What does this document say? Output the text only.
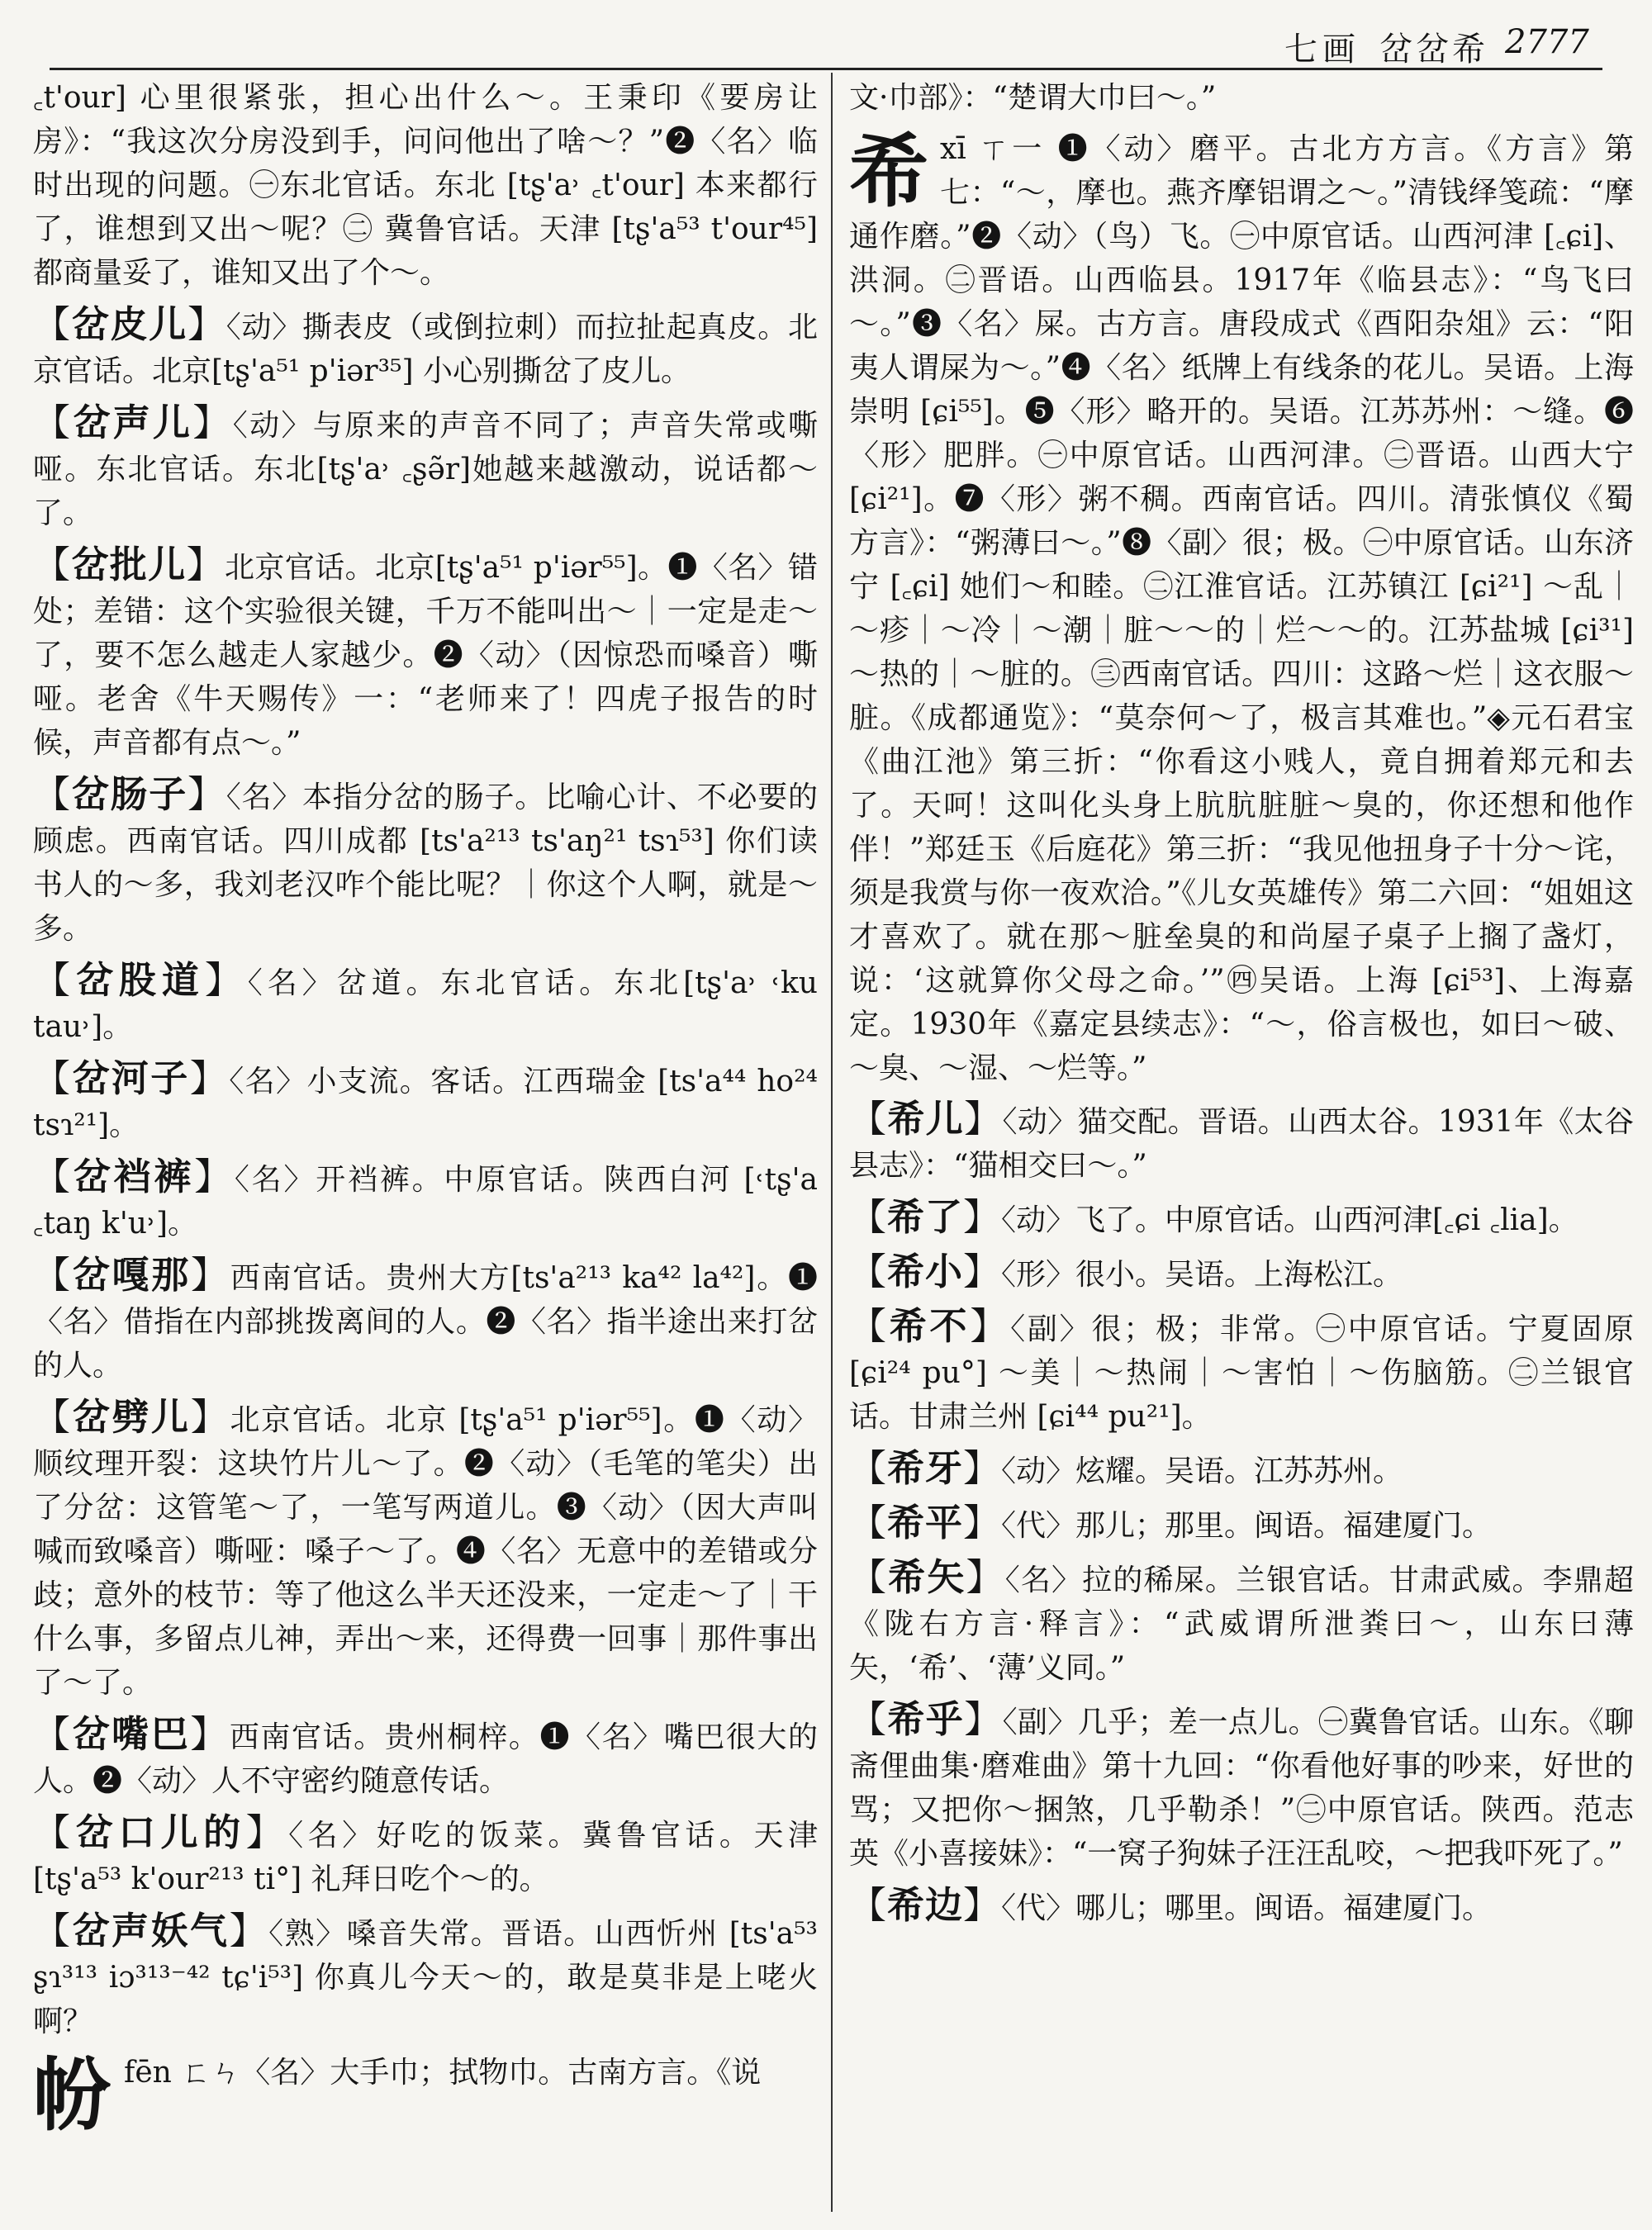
七画 岔岔希 2777
꜀t'our] 心里很紧张，担心出什么～。王秉印《要房让房》：“我这次分房没到手，问问他出了啥～？”❷〈名〉临时出现的问题。㊀东北官话。东北 [tʂ'a˒ ꜀t'our] 本来都行了，谁想到又出～呢？㊁ 冀鲁官话。天津 [tʂ'a⁵³ t'our⁴⁵] 都商量妥了，谁知又出了个～。
【岔皮儿】〈动〉撕表皮（或倒拉刺）而拉扯起真皮。北京官话。北京[tʂ'a⁵¹ p'iər³⁵] 小心别撕岔了皮儿。
【岔声儿】〈动〉与原来的声音不同了；声音失常或嘶哑。东北官话。东北[tʂ'a˒ ꜀ʂə̃r]她越来越激动，说话都～了。
【岔批儿】北京官话。北京[tʂ'a⁵¹ p'iər⁵⁵]。❶〈名〉错处；差错：这个实验很关键，千万不能叫出～｜一定是走～了，要不怎么越走人家越少。❷〈动〉（因惊恐而嗓音）嘶哑。老舍《牛天赐传》一：“老师来了！四虎子报告的时候，声音都有点～。”
【岔肠子】〈名〉本指分岔的肠子。比喻心计、不必要的顾虑。西南官话。四川成都 [ts'a²¹³ ts'aŋ²¹ tsɿ⁵³] 你们读书人的～多，我刘老汉咋个能比呢？｜你这个人啊，就是～多。
【岔股道】〈名〉岔道。东北官话。东北[tʂ'a˒ ˓ku tau˒]。
【岔河子】〈名〉小支流。客话。江西瑞金 [ts'a⁴⁴ ho²⁴ tsɿ²¹]。
【岔裆裤】〈名〉开裆裤。中原官话。陕西白河 [˓tʂ'a ꜀taŋ k'u˒]。
【岔嘎那】西南官话。贵州大方[ts'a²¹³ ka⁴² la⁴²]。❶〈名〉借指在内部挑拨离间的人。❷〈名〉指半途出来打岔的人。
【岔劈儿】北京官话。北京 [tʂ'a⁵¹ p'iər⁵⁵]。❶〈动〉顺纹理开裂：这块竹片儿～了。❷〈动〉（毛笔的笔尖）出了分岔：这管笔～了，一笔写两道儿。❸〈动〉（因大声叫喊而致嗓音）嘶哑：嗓子～了。❹〈名〉无意中的差错或分歧；意外的枝节：等了他这么半天还没来，一定走～了｜干什么事，多留点儿神，弄出～来，还得费一回事｜那件事出了～了。
【岔嘴巴】西南官话。贵州桐梓。❶〈名〉嘴巴很大的人。❷〈动〉人不守密约随意传话。
【岔口儿的】〈名〉好吃的饭菜。冀鲁官话。天津 [tʂ'a⁵³ k'our²¹³ ti°] 礼拜日吃个～的。
【岔声妖气】〈熟〉嗓音失常。晋语。山西忻州 [ts'a⁵³ ʂɿ³¹³ iɔ³¹³⁻⁴² tɕ'i⁵³] 你真儿今天～的，敢是莫非是上咾火啊？
帉fēn ㄈㄣ〈名〉大手巾；拭物巾。古南方言。《说
文·巾部》：“楚谓大巾曰～。”
希xī ㄒ一 ❶〈动〉磨平。古北方方言。《方言》第七：“～，摩也。燕齐摩铝谓之～。”清钱绎笺疏：“摩通作磨。”❷〈动〉（鸟）飞。㊀中原官话。山西河津 [꜀ɕi]、洪洞。㊁晋语。山西临县。1917年《临县志》：“鸟飞曰～。”❸〈名〉屎。古方言。唐段成式《酉阳杂俎》云：“阳夷人谓屎为～。”❹〈名〉纸牌上有线条的花儿。吴语。上海崇明 [ɕi⁵⁵]。❺〈形〉略开的。吴语。江苏苏州：～缝。❻〈形〉肥胖。㊀中原官话。山西河津。㊁晋语。山西大宁 [ɕi²¹]。❼〈形〉粥不稠。西南官话。四川。清张慎仪《蜀方言》：“粥薄曰～。”❽〈副〉很；极。㊀中原官话。山东济宁 [꜀ɕi] 她们～和睦。㊁江淮官话。江苏镇江 [ɕi²¹] ～乱｜～疹｜～冷｜～潮｜脏～～的｜烂～～的。江苏盐城 [ɕi³¹] ～热的｜～脏的。㊂西南官话。四川：这路～烂｜这衣服～脏。《成都通览》：“莫奈何～了，极言其难也。”◈元石君宝《曲江池》第三折：“你看这小贱人，竟自拥着郑元和去了。天呵！这叫化头身上肮肮脏脏～臭的，你还想和他作伴！”郑廷玉《后庭花》第三折：“我见他扭身子十分～诧，须是我赏与你一夜欢洽。”《儿女英雄传》第二六回：“姐姐这才喜欢了。就在那～脏垒臭的和尚屋子桌子上搁了盏灯，说：‘这就算你父母之命。’”㊃吴语。上海 [ɕi⁵³]、上海嘉定。1930年《嘉定县续志》：“～，俗言极也，如曰～破、～臭、～湿、～烂等。”
【希儿】〈动〉猫交配。晋语。山西太谷。1931年《太谷县志》：“猫相交曰～。”
【希了】〈动〉飞了。中原官话。山西河津[꜀ɕi ꜀lia]。
【希小】〈形〉很小。吴语。上海松江。
【希不】〈副〉很；极；非常。㊀中原官话。宁夏固原 [ɕi²⁴ pu°] ～美｜～热闹｜～害怕｜～伤脑筋。㊁兰银官话。甘肃兰州 [ɕi⁴⁴ pu²¹]。
【希牙】〈动〉炫耀。吴语。江苏苏州。
【希平】〈代〉那儿；那里。闽语。福建厦门。
【希矢】〈名〉拉的稀屎。兰银官话。甘肃武威。李鼎超《陇右方言·释言》：“武威谓所泄粪曰～，山东曰薄矢，‘希’、‘薄’义同。”
【希乎】〈副〉几乎；差一点儿。㊀冀鲁官话。山东。《聊斋俚曲集·磨难曲》第十九回：“你看他好事的吵来，好世的骂；又把你～捆煞，几乎勒杀！”㊁中原官话。陕西。范志英《小喜接妹》：“一窝子狗妹子汪汪乱咬，～把我吓死了。”
【希边】〈代〉哪儿；哪里。闽语。福建厦门。
